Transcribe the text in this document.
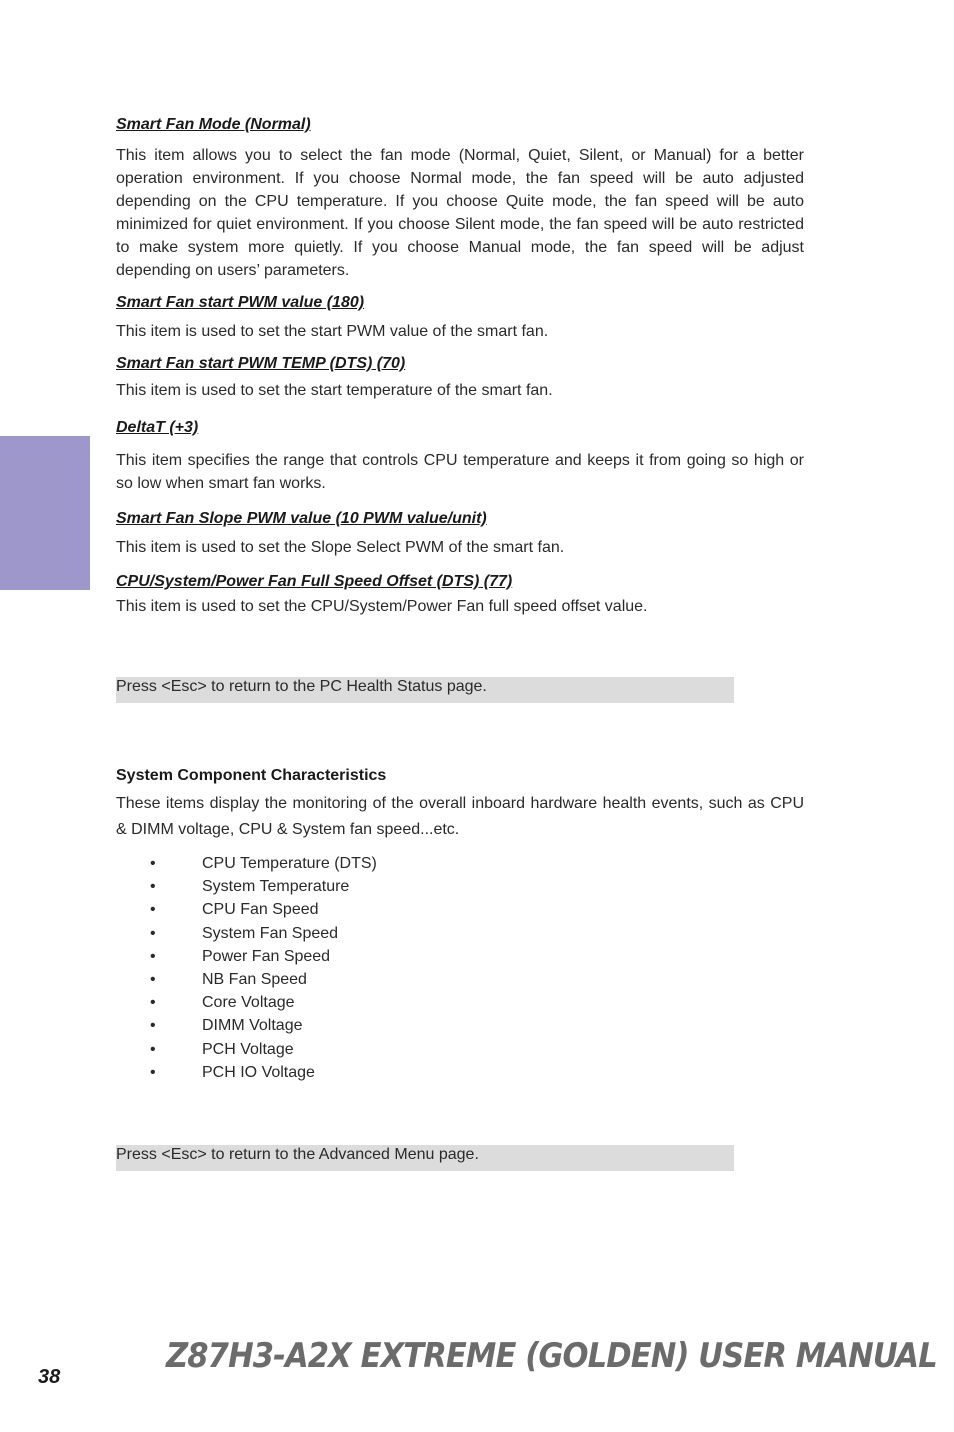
Smart Fan Mode (Normal)
This item allows you to select the fan mode (Normal, Quiet, Silent, or Manual) for a better operation environment. If you choose Normal mode, the fan speed will be auto adjusted depending on the CPU temperature. If you choose Quite mode, the fan speed will be auto minimized for quiet environment. If you choose Silent mode, the fan speed will be auto restricted to make system more quietly. If you choose Manual mode, the fan speed will be adjust depending on users’ parameters.
Smart Fan start PWM value (180)
This item is used to set the start PWM value of the smart fan.
Smart Fan start PWM TEMP (DTS) (70)
This item is used to set the start temperature of the smart fan.
DeltaT (+3)
This item specifies the range that controls CPU temperature and keeps it from going so high or so low when smart fan works.
Smart Fan Slope PWM value (10 PWM value/unit)
This item is used to set the Slope Select PWM of the smart fan.
CPU/System/Power Fan Full Speed Offset (DTS) (77)
This item is used to set the CPU/System/Power Fan full speed offset value.
Press <Esc> to return to the PC Health Status page.
System Component Characteristics
These items display the monitoring of the overall inboard hardware health events, such as CPU & DIMM voltage, CPU & System fan speed...etc.
•	CPU Temperature (DTS)
•	System Temperature
•	CPU Fan Speed
•	System Fan Speed
•	Power Fan Speed
•	NB Fan Speed
•	Core Voltage
•	DIMM Voltage
•	PCH Voltage
•	PCH IO Voltage
Press <Esc> to return to the Advanced Menu page.
38
Z87H3-A2X EXTREME (GOLDEN) USER MANUAL
